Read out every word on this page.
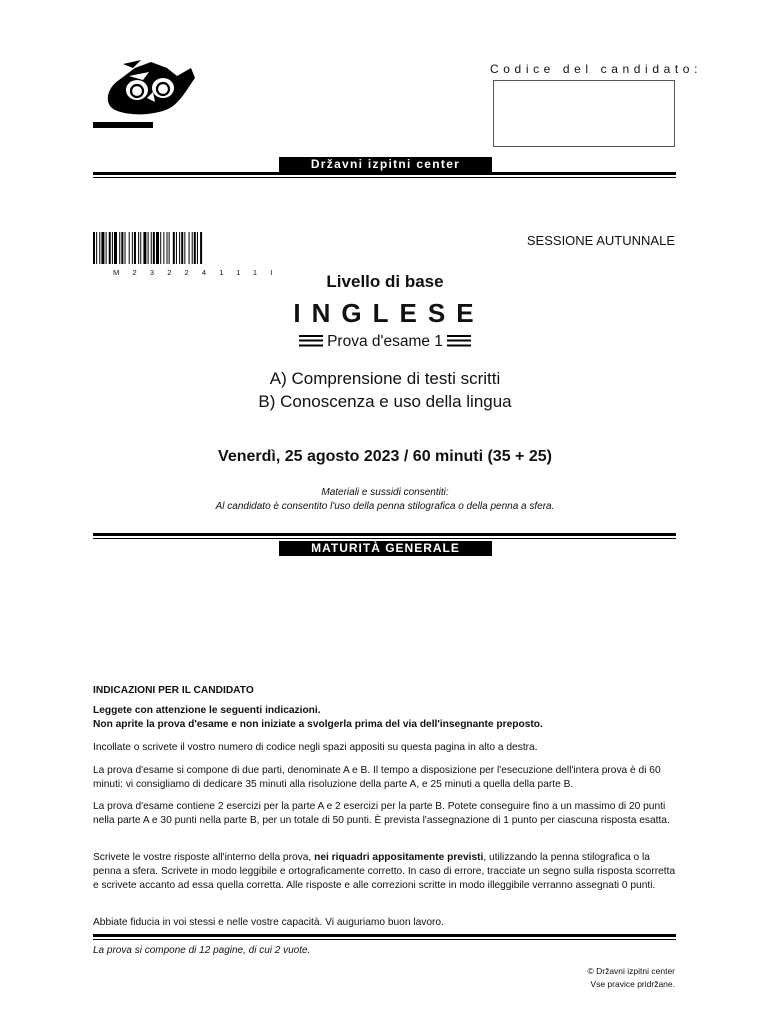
Codice del candidato:
Državni izpitni center
M23224111I
SESSIONE AUTUNNALE
Livello di base
INGLESE
Prova d'esame 1
A) Comprensione di testi scritti
B) Conoscenza e uso della lingua
Venerdì, 25 agosto 2023 / 60 minuti (35 + 25)
Materiali e sussidi consentiti:
Al candidato è consentito l'uso della penna stilografica o della penna a sfera.
MATURITÀ GENERALE
INDICAZIONI PER IL CANDIDATO

Leggete con attenzione le seguenti indicazioni.

Non aprite la prova d'esame e non iniziate a svolgerla prima del via dell'insegnante preposto.

Incollate o scrivete il vostro numero di codice negli spazi appositi su questa pagina in alto a destra.
La prova d'esame si compone di due parti, denominate A e B. Il tempo a disposizione per l'esecuzione dell'intera prova è di 60 minuti: vi consigliamo di dedicare 35 minuti alla risoluzione della parte A, e 25 minuti a quella della parte B.
La prova d'esame contiene 2 esercizi per la parte A e 2 esercizi per la parte B. Potete conseguire fino a un massimo di 20 punti nella parte A e 30 punti nella parte B, per un totale di 50 punti. È prevista l'assegnazione di 1 punto per ciascuna risposta esatta.
Scrivete le vostre risposte all'interno della prova, nei riquadri appositamente previsti, utilizzando la penna stilografica o la penna a sfera. Scrivete in modo leggibile e ortograficamente corretto. In caso di errore, tracciate un segno sulla risposta scorretta e scrivete accanto ad essa quella corretta. Alle risposte e alle correzioni scritte in modo illeggibile verranno assegnati 0 punti.
Abbiate fiducia in voi stessi e nelle vostre capacità. Vi auguriamo buon lavoro.
La prova si compone di 12 pagine, di cui 2 vuote.
© Državni izpitni center
Vse pravice pridržane.
